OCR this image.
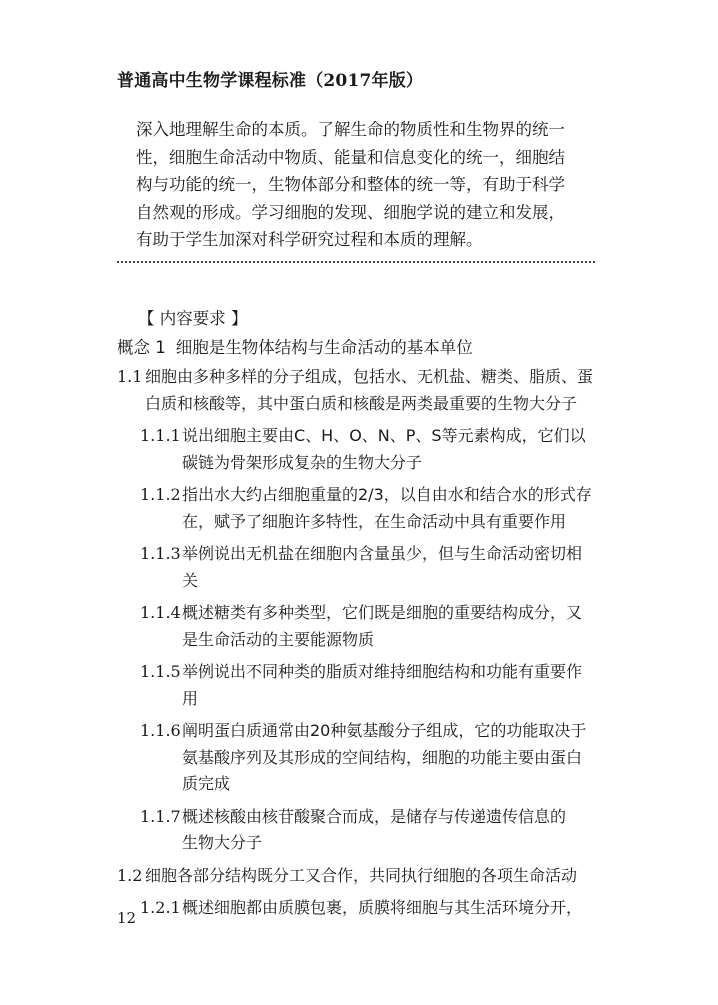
普通高中生物学课程标准（2017年版）
深入地理解生命的本质。了解生命的物质性和生物界的统一
性，细胞生命活动中物质、能量和信息变化的统一，细胞结
构与功能的统一，生物体部分和整体的统一等，有助于科学
自然观的形成。学习细胞的发现、细胞学说的建立和发展，
有助于学生加深对科学研究过程和本质的理解。
【 内容要求 】
概念 1 细胞是生物体结构与生命活动的基本单位
1.1 细胞由多种多样的分子组成，包括水、无机盐、糖类、脂质、蛋
白质和核酸等，其中蛋白质和核酸是两类最重要的生物大分子
1.1.1 说出细胞主要由C、H、O、N、P、S等元素构成，它们以
碳链为骨架形成复杂的生物大分子
1.1.2 指出水大约占细胞重量的2/3，以自由水和结合水的形式存
在，赋予了细胞许多特性，在生命活动中具有重要作用
1.1.3 举例说出无机盐在细胞内含量虽少，但与生命活动密切相
关
1.1.4 概述糖类有多种类型，它们既是细胞的重要结构成分，又
是生命活动的主要能源物质
1.1.5 举例说出不同种类的脂质对维持细胞结构和功能有重要作
用
1.1.6 阐明蛋白质通常由20种氨基酸分子组成，它的功能取决于
氨基酸序列及其形成的空间结构，细胞的功能主要由蛋白
质完成
1.1.7 概述核酸由核苷酸聚合而成，是储存与传递遗传信息的
生物大分子
1.2 细胞各部分结构既分工又合作，共同执行细胞的各项生命活动
1.2.1 概述细胞都由质膜包裹，质膜将细胞与其生活环境分开，
12
